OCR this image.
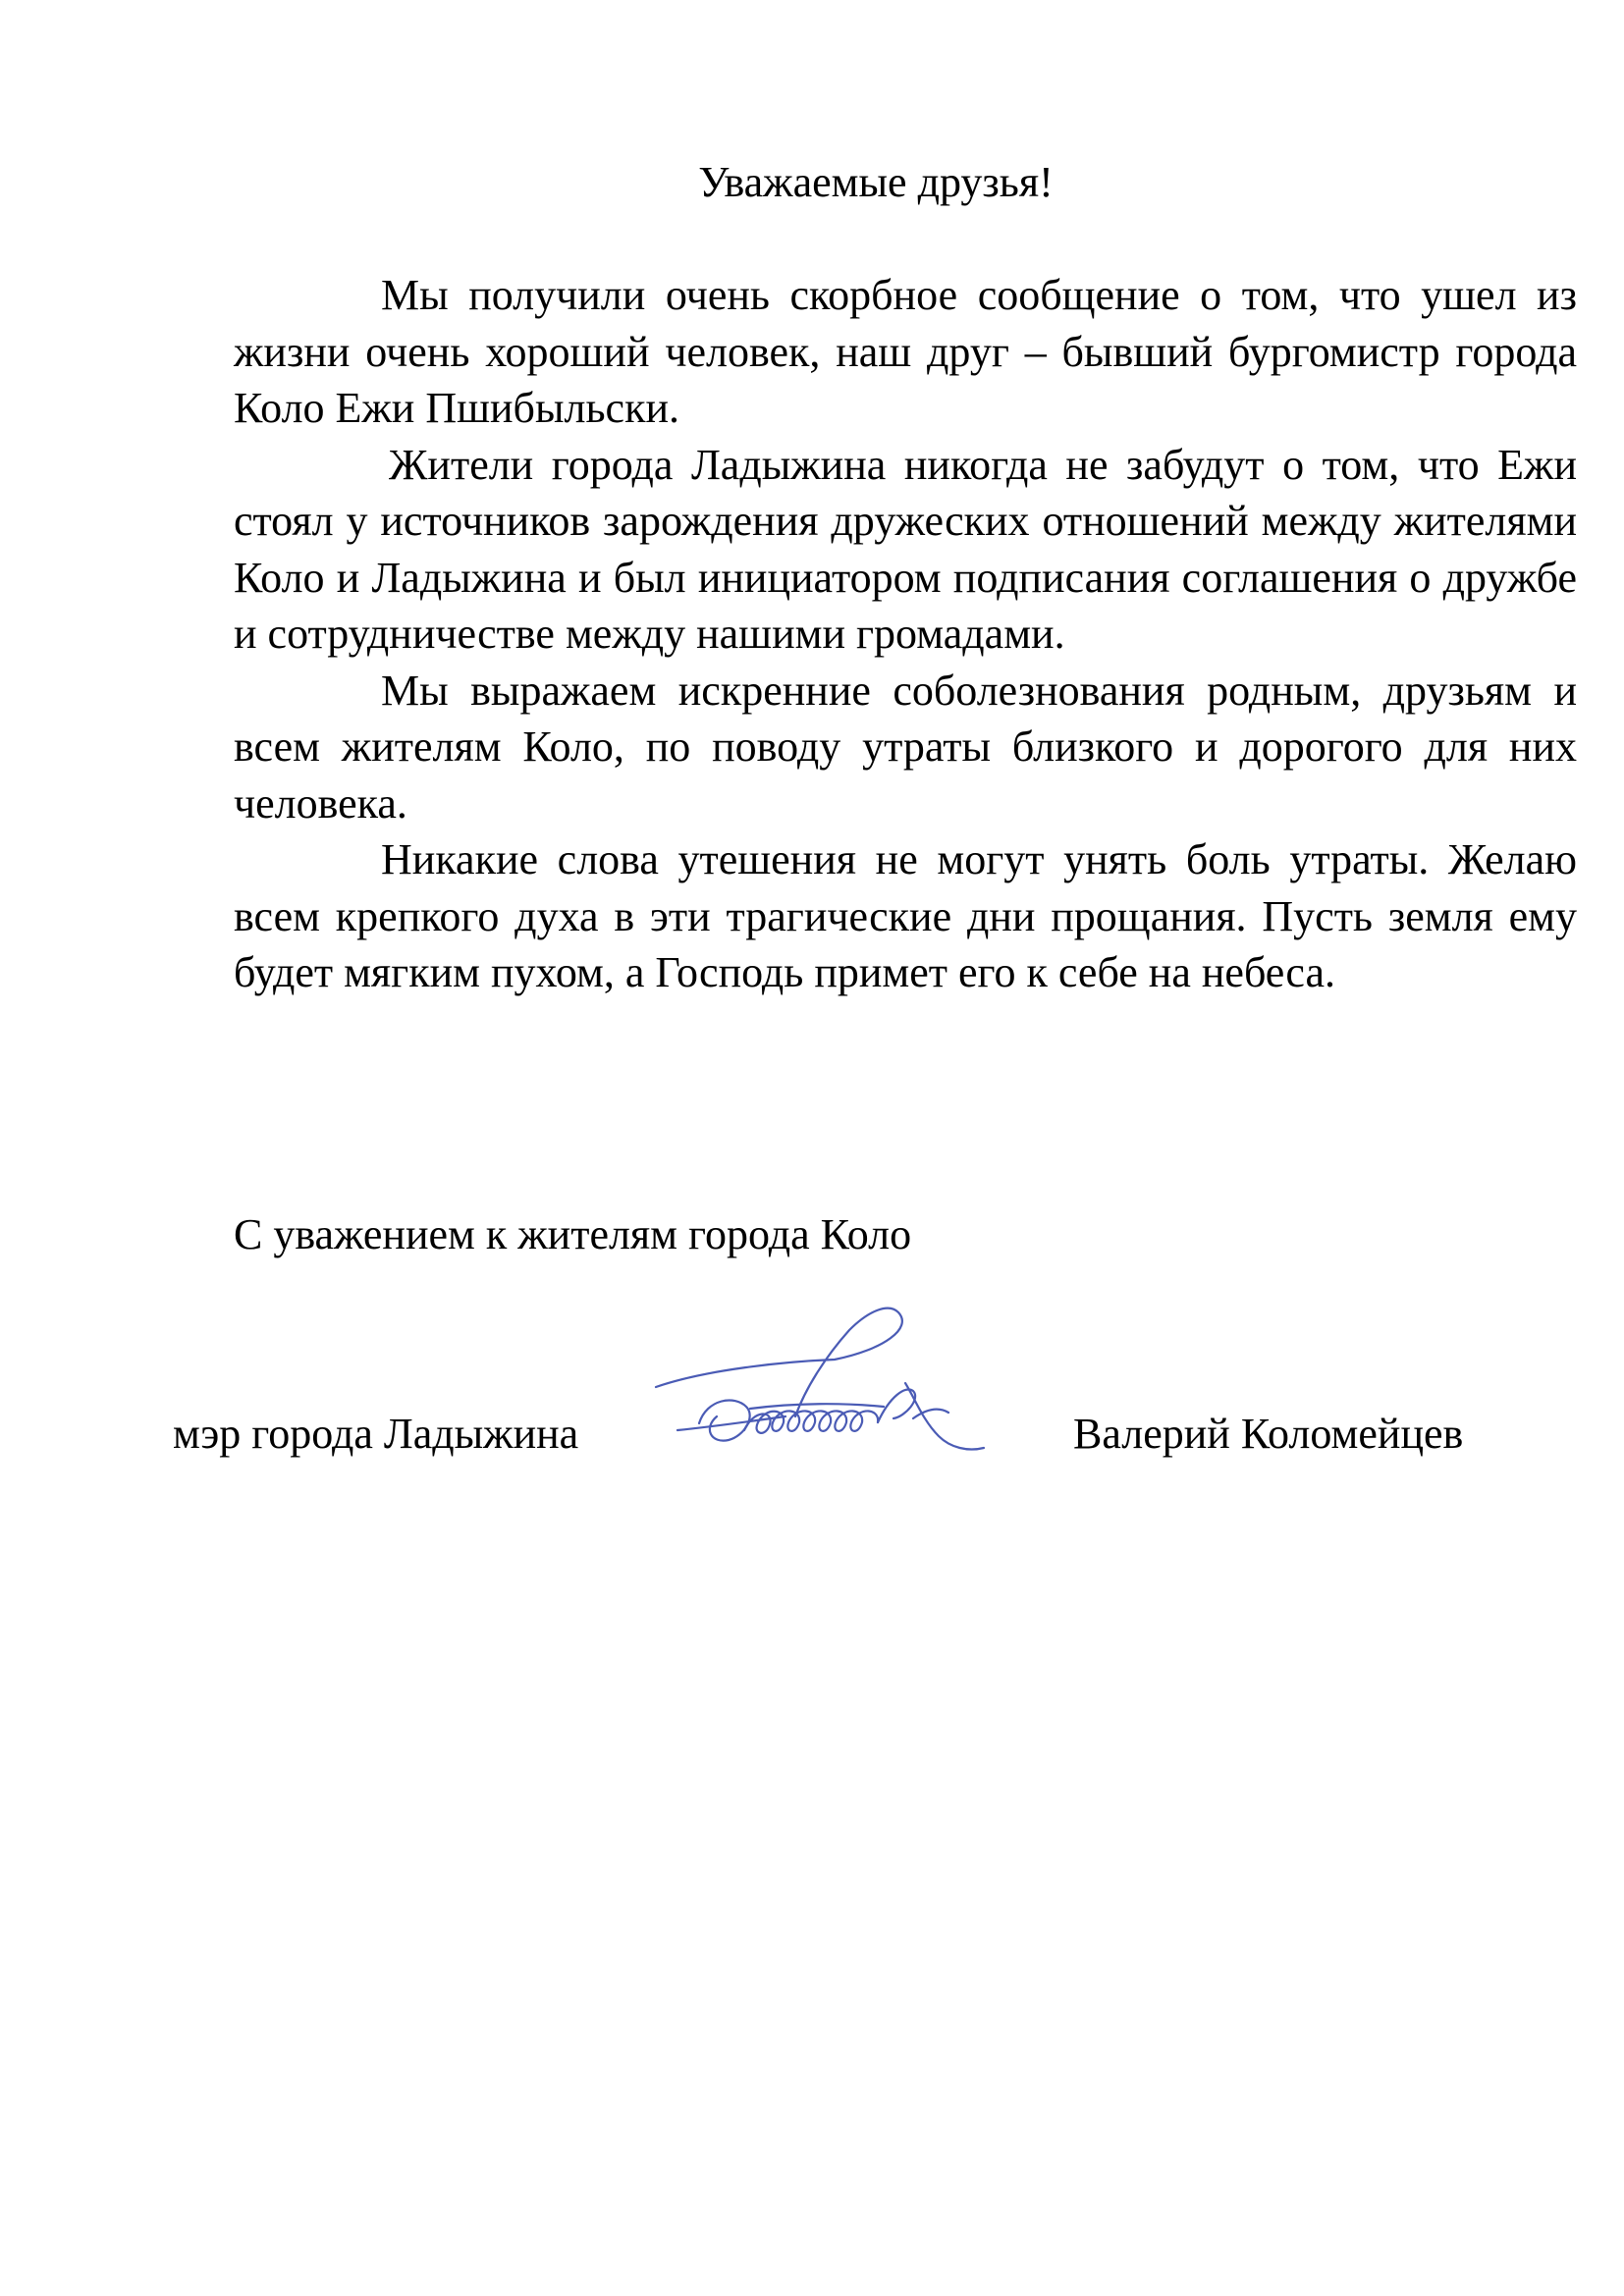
Уважаемые друзья!

Мы получили очень скорбное сообщение о том, что ушел из жизни очень хороший человек, наш друг – бывший бургомистр города Коло Ежи Пшибыльски.

Жители города Ладыжина никогда не забудут о том, что Ежи стоял у источников зарождения дружеских отношений между жителями Коло и Ладыжина и был инициатором подписания соглашения о дружбе и сотрудничестве между нашими громадами.

Мы выражаем искренние соболезнования родным, друзьям и всем жителям Коло, по поводу утраты близкого и дорогого для них человека.

Никакие слова утешения не могут унять боль утраты. Желаю всем крепкого духа в эти трагические дни прощания. Пусть земля ему будет мягким пухом, а Господь примет его к себе на небеса.

С уважением к жителям города Коло

мэр города Ладыжина	Валерий Коломейцев
